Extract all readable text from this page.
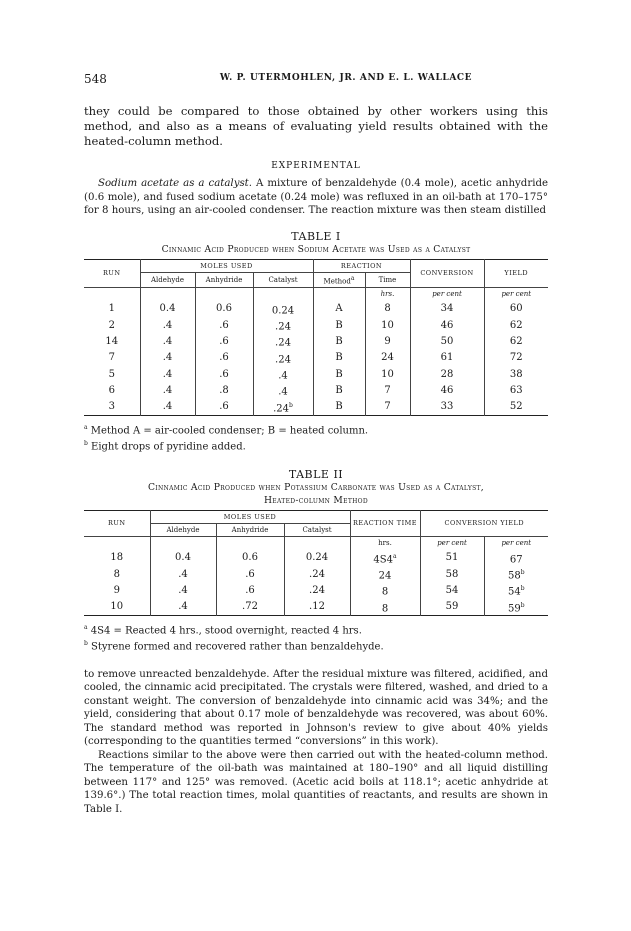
548	W. P. UTERMOHLEN, JR. AND E. L. WALLACE

they could be compared to those obtained by other workers using this method, and also as a means of evaluating yield results obtained with the heated-column method.

EXPERIMENTAL

Sodium acetate as a catalyst. A mixture of benzaldehyde (0.4 mole), acetic anhydride (0.6 mole), and fused sodium acetate (0.24 mole) was refluxed in an oil-bath at 170–175° for 8 hours, using an air-cooled condenser. The reaction mixture was then steam distilled

TABLE I

Cinnamic Acid Produced when Sodium Acetate was Used as a Catalyst

RUN	MOLES USED			REACTION		CONVERSION	YIELD
	Aldehyde	Anhydride	Catalyst	Method$^a$	Time		
					hrs.	per cent	per cent
1	0.4	0.6	0.24	A	8	34	60
2	.4	.6	.24	B	10	46	62
14	.4	.6	.24	B	9	50	62
7	.4	.6	.24	B	24	61	72
5	.4	.6	.4	B	10	28	38
6	.4	.8	.4	B	7	46	63
3	.4	.6	.24$^b$	B	7	33	52

$^a$ Method A = air-cooled condenser; B = heated column.

$^b$ Eight drops of pyridine added.

TABLE II

Cinnamic Acid Produced when Potassium Carbonate was Used as a Catalyst,

Heated-column Method

RUN	MOLES USED			REACTION TIME	CONVERSION YIELD	
	Aldehyde	Anhydride	Catalyst			
				hrs.	per cent	per cent
18	0.4	0.6	0.24	4S4$^a$	51	67
8	.4	.6	.24	24	58	58$^b$
9	.4	.6	.24	8	54	54$^b$
10	.4	.72	.12	8	59	59$^b$

$^a$ 4S4 = Reacted 4 hrs., stood overnight, reacted 4 hrs.

$^b$ Styrene formed and recovered rather than benzaldehyde.

to remove unreacted benzaldehyde. After the residual mixture was filtered, acidified, and cooled, the cinnamic acid precipitated. The crystals were filtered, washed, and dried to a constant weight. The conversion of benzaldehyde into cinnamic acid was 34%; and the yield, considering that about 0.17 mole of benzaldehyde was recovered, was about 60%. The standard method was reported in Johnson's review to give about 40% yields (corresponding to the quantities termed “conversions” in this work).

Reactions similar to the above were then carried out with the heated-column method. The temperature of the oil-bath was maintained at 180–190° and all liquid distilling between 117° and 125° was removed. (Acetic acid boils at 118.1°; acetic anhydride at 139.6°.) The total reaction times, molal quantities of reactants, and results are shown in Table I.
